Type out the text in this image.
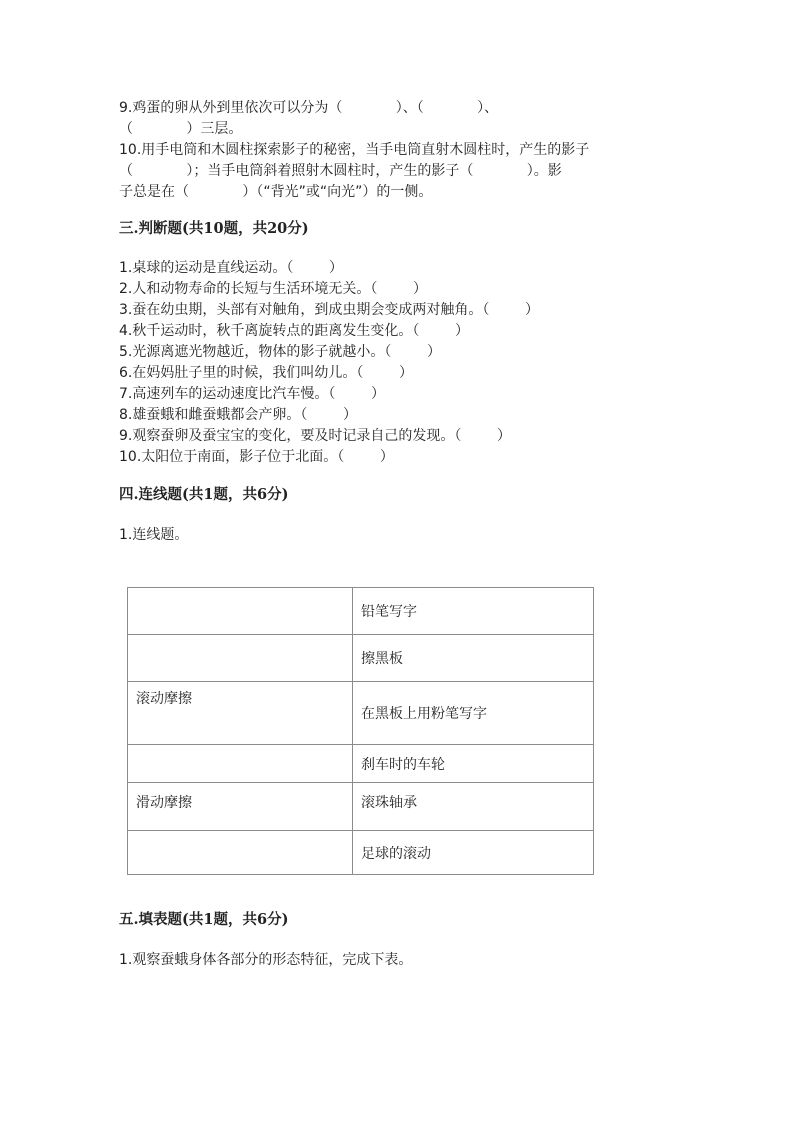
9.鸡蛋的卵从外到里依次可以分为（            ）、（            ）、
（            ）三层。
10.用手电筒和木圆柱探索影子的秘密，当手电筒直射木圆柱时，产生的影子
（            ）；当手电筒斜着照射木圆柱时，产生的影子（            ）。影
子总是在（            ）（“背光”或“向光”）的一侧。
三.判断题(共10题，共20分)
1.桌球的运动是直线运动。（        ）
2.人和动物寿命的长短与生活环境无关。（        ）
3.蚕在幼虫期，头部有对触角，到成虫期会变成两对触角。（        ）
4.秋千运动时，秋千离旋转点的距离发生变化。（        ）
5.光源离遮光物越近，物体的影子就越小。（        ）
6.在妈妈肚子里的时候，我们叫幼儿。（        ）
7.高速列车的运动速度比汽车慢。（        ）
8.雄蚕蛾和雌蚕蛾都会产卵。（        ）
9.观察蚕卵及蚕宝宝的变化，要及时记录自己的发现。（        ）
10.太阳位于南面，影子位于北面。（        ）
四.连线题(共1题，共6分)
1.连线题。
	铅笔写字
	擦黑板
滚动摩擦	在黑板上用粉笔写字
	刹车时的车轮
滑动摩擦	滚珠轴承
	足球的滚动
五.填表题(共1题，共6分)
1.观察蚕蛾身体各部分的形态特征，完成下表。
